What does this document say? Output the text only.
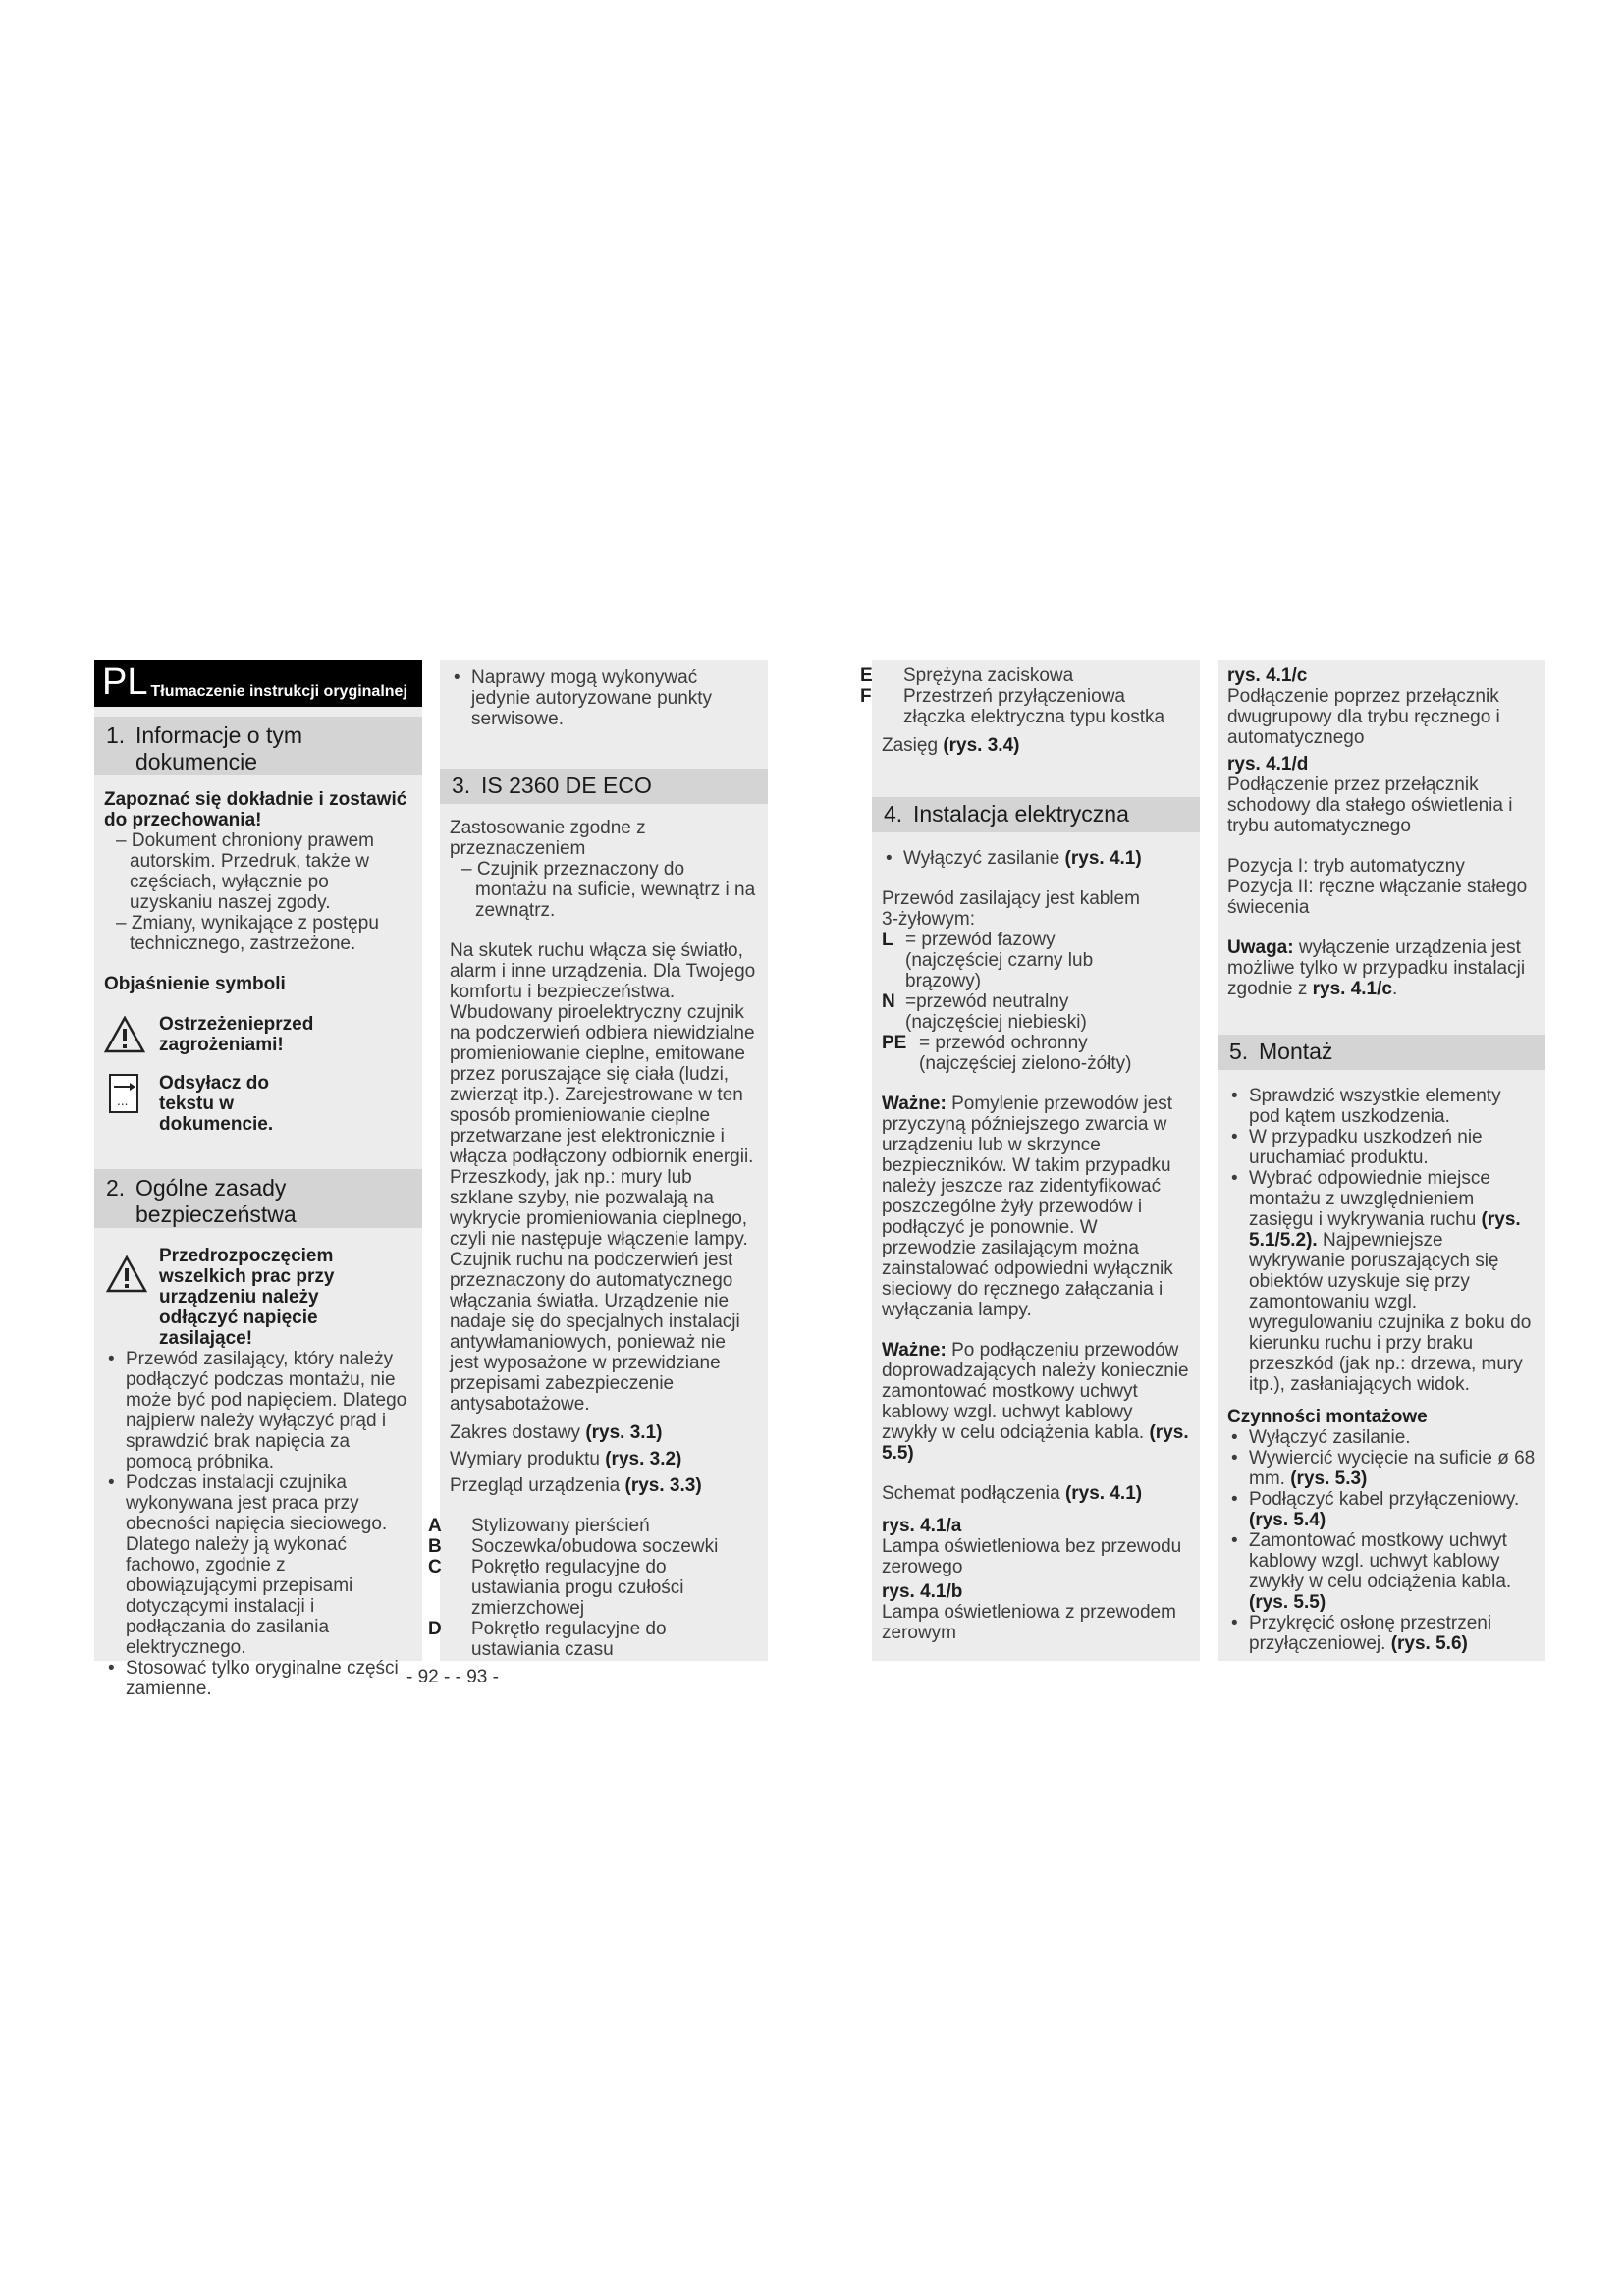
PL Tłumaczenie instrukcji oryginalnej
1. Informacje o tym dokumencie
Zapoznać się dokładnie i zostawić do przechowania!
– Dokument chroniony prawem autorskim. Przedruk, także w częściach, wyłącznie po uzyskaniu naszej zgody.
– Zmiany, wynikające z postępu technicznego, zastrzeżone.
Objaśnienie symboli
Ostrzeżenieprzed zagrożeniami!
...
Odsyłacz do tekstu w dokumencie.
2. Ogólne zasady bezpieczeństwa
Przedrozpoczęciem wszelkich prac przy urządzeniu należy odłączyć napięcie zasilające!
• Przewód zasilający, który należy podłączyć podczas montażu, nie może być pod napięciem. Dlatego najpierw należy wyłączyć prąd i sprawdzić brak napięcia za pomocą próbnika.
• Podczas instalacji czujnika wykonywana jest praca przy obecności napięcia sieciowego. Dlatego należy ją wykonać fachowo, zgodnie z obowiązującymi przepisami dotyczącymi instalacji i podłączania do zasilania elektrycznego.
• Stosować tylko oryginalne części zamienne.
• Naprawy mogą wykonywać jedynie autoryzowane punkty serwisowe.
3. IS 2360 DE ECO
Zastosowanie zgodne z przeznaczeniem
– Czujnik przeznaczony do montażu na suficie, wewnątrz i na zewnątrz.
Na skutek ruchu włącza się światło, alarm i inne urządzenia. Dla Twojego komfortu i bezpieczeństwa. Wbudowany piroelektryczny czujnik na podczerwień odbiera niewidzialne promieniowanie cieplne, emitowane przez poruszające się ciała (ludzi, zwierząt itp.). Zarejestrowane w ten sposób promieniowanie cieplne przetwarzane jest elektronicznie i włącza podłączony odbiornik energii. Przeszkody, jak np.: mury lub szklane szyby, nie pozwalają na wykrycie promieniowania cieplnego, czyli nie następuje włączenie lampy. Czujnik ruchu na podczerwień jest przeznaczony do automatycznego włączania światła. Urządzenie nie nadaje się do specjalnych instalacji antywłamaniowych, ponieważ nie jest wyposażone w przewidziane przepisami zabezpieczenie antysabotażowe.
Zakres dostawy (rys. 3.1)
Wymiary produktu (rys. 3.2)
Przegląd urządzenia (rys. 3.3)
A Stylizowany pierścień
B Soczewka/obudowa soczewki
C Pokrętło regulacyjne do ustawiania progu czułości zmierzchowej
D Pokrętło regulacyjne do ustawiania czasu
E Sprężyna zaciskowa
F Przestrzeń przyłączeniowa złączka elektryczna typu kostka
Zasięg (rys. 3.4)
4. Instalacja elektryczna
• Wyłączyć zasilanie (rys. 4.1)
Przewód zasilający jest kablem 3-żyłowym:
L = przewód fazowy (najczęściej czarny lub brązowy)
N =przewód neutralny (najczęściej niebieski)
PE = przewód ochronny (najczęściej zielono-żółty)
Ważne: Pomylenie przewodów jest przyczyną późniejszego zwarcia w urządzeniu lub w skrzynce bezpieczników. W takim przypadku należy jeszcze raz zidentyfikować poszczególne żyły przewodów i podłączyć je ponownie. W przewodzie zasilającym można zainstalować odpowiedni wyłącznik sieciowy do ręcznego załączania i wyłączania lampy.
Ważne: Po podłączeniu przewodów doprowadzających należy koniecznie zamontować mostkowy uchwyt kablowy wzgl. uchwyt kablowy zwykły w celu odciążenia kabla. (rys. 5.5)
Schemat podłączenia (rys. 4.1)
rys. 4.1/a
Lampa oświetleniowa bez przewodu zerowego
rys. 4.1/b
Lampa oświetleniowa z przewodem zerowym
rys. 4.1/c
Podłączenie poprzez przełącznik dwugrupowy dla trybu ręcznego i automatycznego
rys. 4.1/d
Podłączenie przez przełącznik schodowy dla stałego oświetlenia i trybu automatycznego
Pozycja I: tryb automatyczny
Pozycja II: ręczne włączanie stałego świecenia
Uwaga: wyłączenie urządzenia jest możliwe tylko w przypadku instalacji zgodnie z rys. 4.1/c.
5. Montaż
• Sprawdzić wszystkie elementy pod kątem uszkodzenia.
• W przypadku uszkodzeń nie uruchamiać produktu.
• Wybrać odpowiednie miejsce montażu z uwzględnieniem zasięgu i wykrywania ruchu (rys. 5.1/5.2). Najpewniejsze wykrywanie poruszających się obiektów uzyskuje się przy zamontowaniu wzgl. wyregulowaniu czujnika z boku do kierunku ruchu i przy braku przeszkód (jak np.: drzewa, mury itp.), zasłaniających widok.
Czynności montażowe
• Wyłączyć zasilanie.
• Wywiercić wycięcie na suficie ø 68 mm. (rys. 5.3)
• Podłączyć kabel przyłączeniowy. (rys. 5.4)
• Zamontować mostkowy uchwyt kablowy wzgl. uchwyt kablowy zwykły w celu odciążenia kabla. (rys. 5.5)
• Przykręcić osłonę przestrzeni przyłączeniowej. (rys. 5.6)
- 92 - - 93 -
